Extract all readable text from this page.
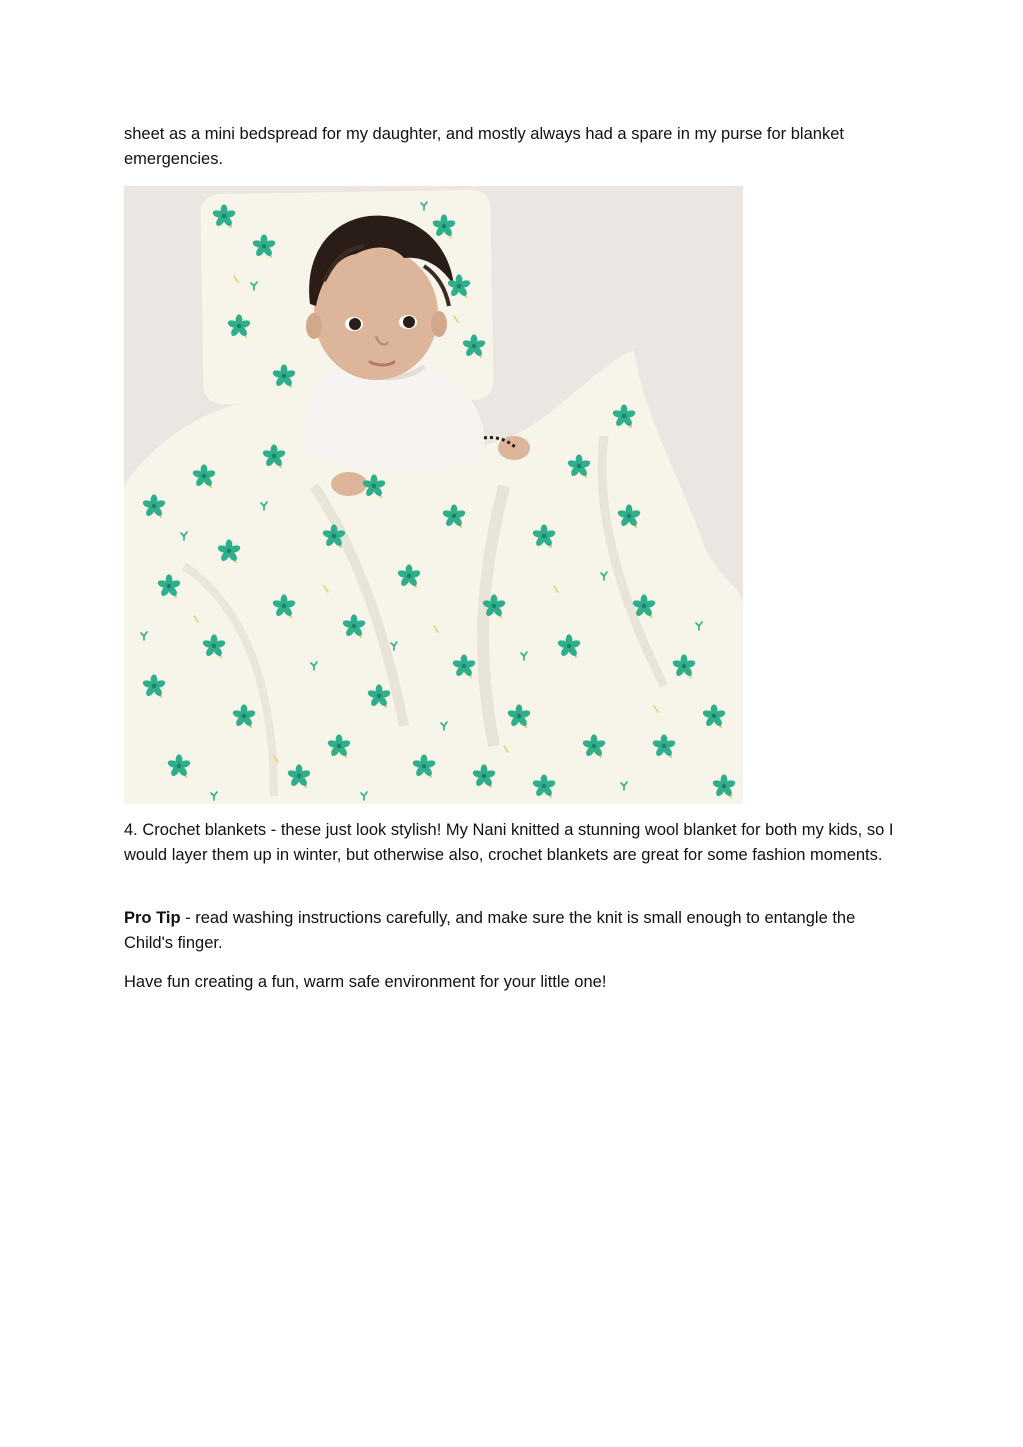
sheet as a mini bedspread for my daughter, and mostly always had a spare in my purse for blanket emergencies.

4. Crochet blankets - these just look stylish! My Nani knitted a stunning wool blanket for both my kids, so I would layer them up in winter, but otherwise also, crochet blankets are great for some fashion moments.

Pro Tip - read washing instructions carefully, and make sure the knit is small enough to entangle the Child's finger.

Have fun creating a fun, warm safe environment for your little one!
